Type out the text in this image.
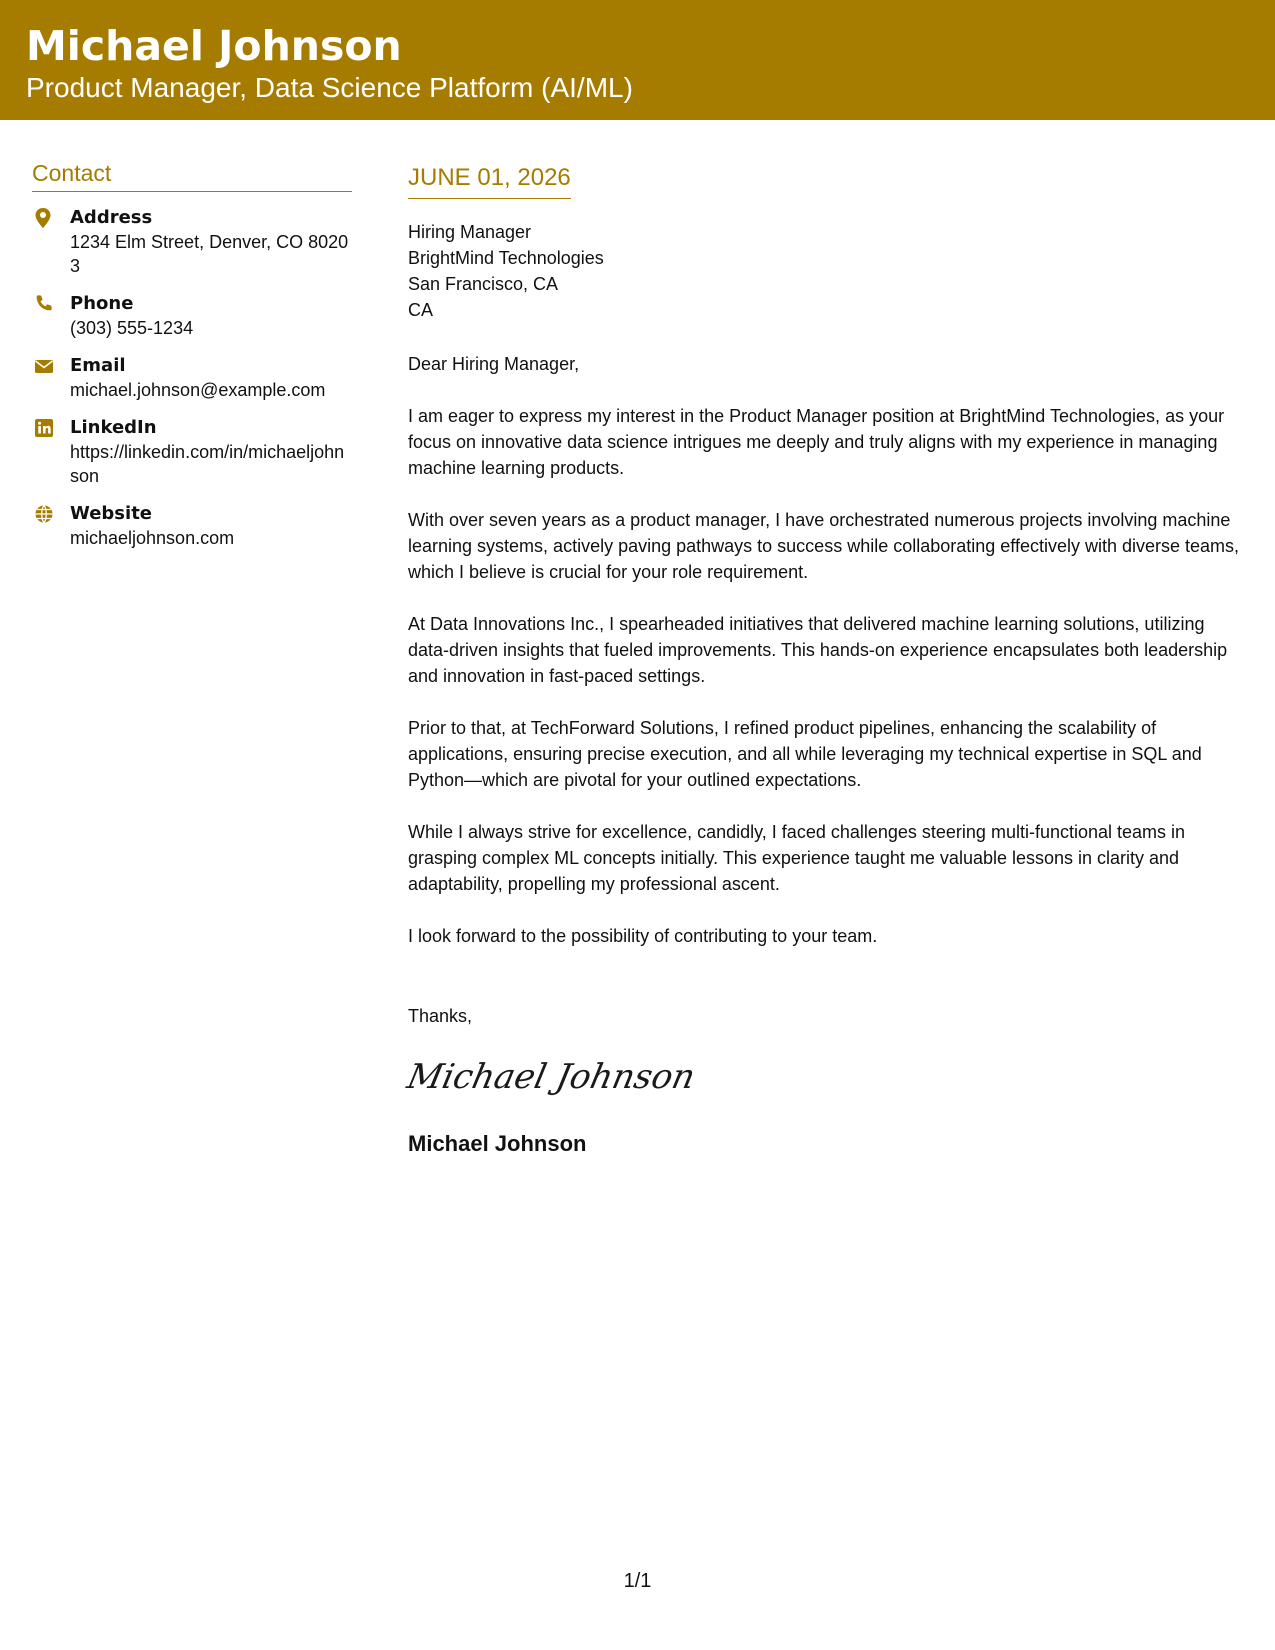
Michael Johnson
Product Manager, Data Science Platform (AI/ML)
Contact
Address
1234 Elm Street, Denver, CO 80203
Phone
(303) 555-1234
Email
michael.johnson@example.com
LinkedIn
https://linkedin.com/in/michaeljohnson
Website
michaeljohnson.com
JUNE 01, 2026
Hiring Manager
BrightMind Technologies
San Francisco, CA
CA
Dear Hiring Manager,

I am eager to express my interest in the Product Manager position at BrightMind Technologies, as your focus on innovative data science intrigues me deeply and truly aligns with my experience in managing machine learning products.

With over seven years as a product manager, I have orchestrated numerous projects involving machine learning systems, actively paving pathways to success while collaborating effectively with diverse teams, which I believe is crucial for your role requirement.

At Data Innovations Inc., I spearheaded initiatives that delivered machine learning solutions, utilizing data-driven insights that fueled improvements. This hands-on experience encapsulates both leadership and innovation in fast-paced settings.

Prior to that, at TechForward Solutions, I refined product pipelines, enhancing the scalability of applications, ensuring precise execution, and all while leveraging my technical expertise in SQL and Python—which are pivotal for your outlined expectations.

While I always strive for excellence, candidly, I faced challenges steering multi-functional teams in grasping complex ML concepts initially. This experience taught me valuable lessons in clarity and adaptability, propelling my professional ascent.

I look forward to the possibility of contributing to your team.

Thanks,
Michael Johnson
Michael Johnson
1/1
